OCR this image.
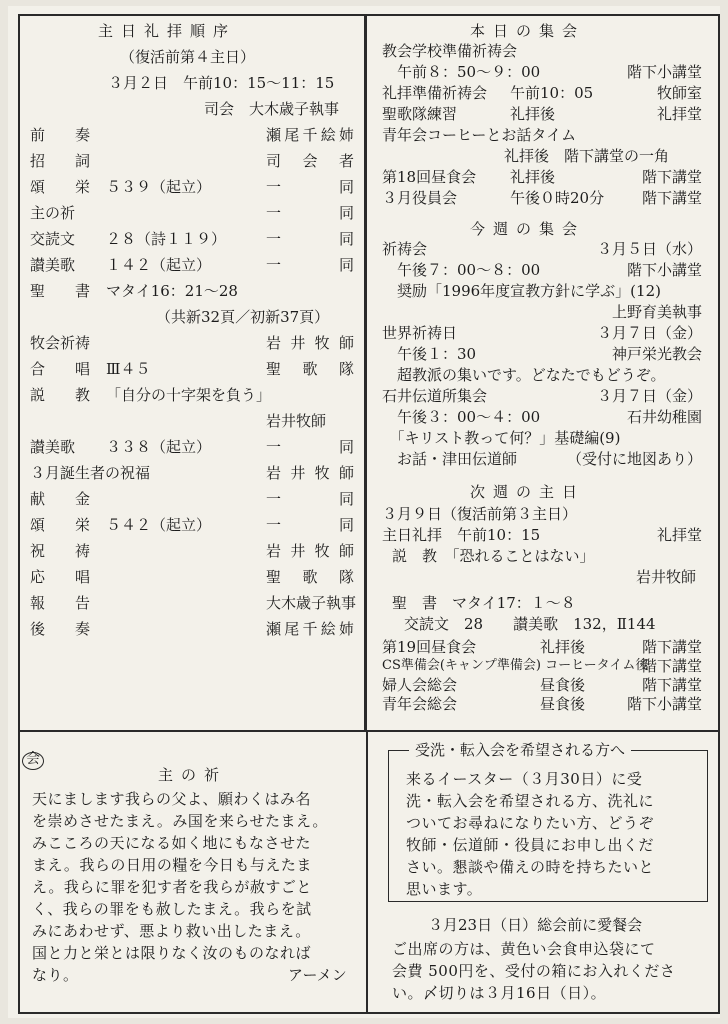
主日礼拝順序
（復活前第４主日）
３月２日　午前10：15〜11：15
司会　大木歳子執事
前　　奏	瀬尾千絵姉
招　　詞	司 会 者
頌　　栄 ５３９（起立）	一　　同
主の祈	一　　同
交読文 ２８（詩１１９）	一　　同
讃美歌 １４２（起立）	一　　同
聖　　書 マタイ16：21〜28
（共新32頁／初新37頁）
牧会祈祷	岩井牧師
合　　唱 Ⅲ４５	聖 歌 隊
説　　教 「自分の十字架を負う」
岩井牧師
讃美歌 ３３８（起立）	一　　同
３月誕生者の祝福	岩井牧師
献　　金	一　　同
頌　　栄 ５４２（起立）	一　　同
祝　　祷	岩井牧師
応　　唱	聖 歌 隊
報　　告	大木歳子執事
後　　奏	瀬尾千絵姉
本日の集会
教会学校準備祈祷会
　午前８：50〜９：00	階下小講堂
礼拝準備祈祷会 午前10：05	牧師室
聖歌隊練習	礼拝後	礼拝堂
青年会コーヒーとお話タイム
礼拝後　階下講堂の一角
第18回昼食会 礼拝後	階下講堂
３月役員会	午後０時20分	階下講堂
今週の集会
祈祷会	３月５日（水）
　午後７：00〜８：00	階下小講堂
　奨励「1996年度宣教方針に学ぶ」(12)
上野育美執事
世界祈祷日	３月７日（金）
　午後１：30	神戸栄光教会
　超教派の集いです。どなたでもどうぞ。
石井伝道所集会	３月７日（金）
　午後３：00〜４：00	石井幼稚園
　「キリスト教って何？」基礎編(9)
　お話・津田伝道師	（受付に地図あり）
次週の主日
３月９日（復活前第３主日）
主日礼拝　午前10：15	礼拝堂
説　教　「恐れることはない」
岩井牧師
聖　書　マタイ17：１〜８
交読文　28　　讃美歌　132，Ⅱ144
第19回昼食会	礼拝後	階下講堂
CS準備会(キャンプ準備会) コーヒータイム後
階下講堂
婦人会総会	昼食後	階下講堂
青年会総会	昼食後	階下小講堂
会
主の祈
天にまします我らの父よ、願わくはみ名
を崇めさせたまえ。み国を来らせたまえ。
みこころの天になる如く地にもなさせた
まえ。我らの日用の糧を今日も与えたま
え。我らに罪を犯す者を我らが赦すごと
く、我らの罪をも赦したまえ。我らを試
みにあわせず、悪より救い出したまえ。
国と力と栄とは限りなく汝のものなれば
なり。	アーメン
受洗・転入会を希望される方へ
来るイースター（３月30日）に受
洗・転入会を希望される方、洗礼に
ついてお尋ねになりたい方、どうぞ
牧師・伝道師・役員にお申し出くだ
さい。懇談や備えの時を持ちたいと
思います。
３月23日（日）総会前に愛餐会
ご出席の方は、黄色い会食申込袋にて
会費 500円を、受付の箱にお入れくださ
い。〆切りは３月16日（日）。
